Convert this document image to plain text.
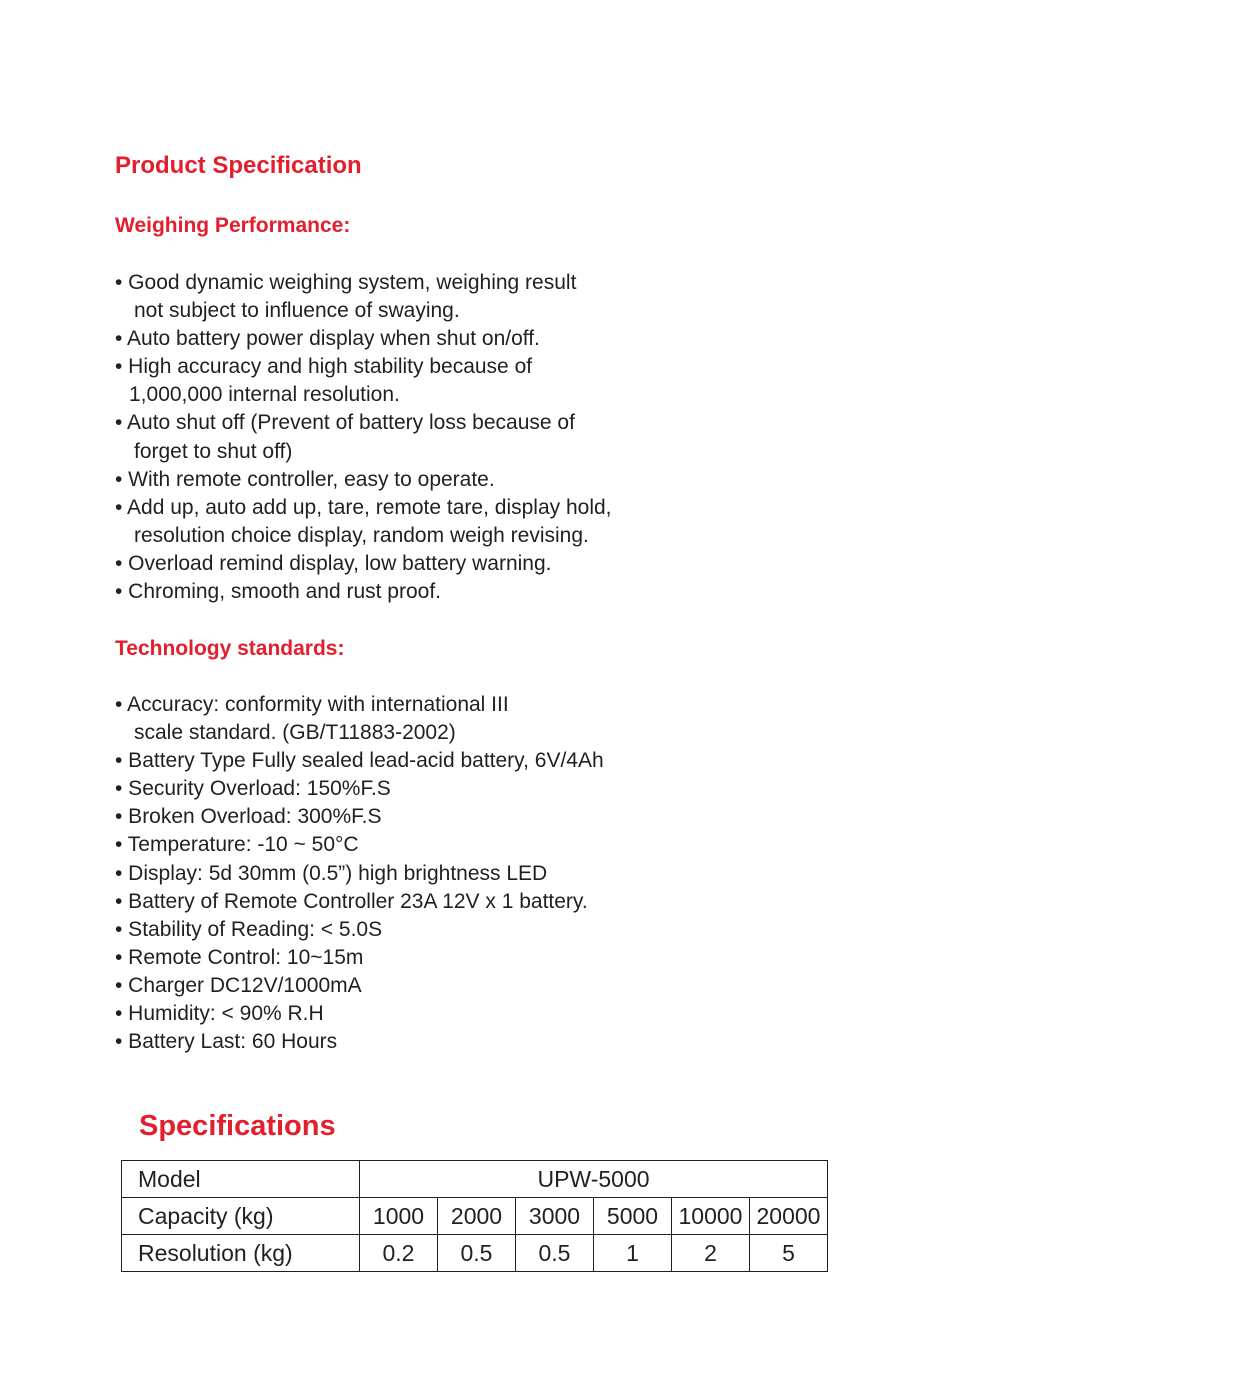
Product Specification
Weighing Performance:
• Good dynamic weighing system, weighing result
not subject to influence of swaying.
• Auto battery power display when shut on/off.
• High accuracy and high stability because of
1,000,000 internal resolution.
• Auto shut off (Prevent of battery loss because of
forget to shut off)
• With remote controller, easy to operate.
• Add up, auto add up, tare, remote tare, display hold,
resolution choice display, random weigh revising.
• Overload remind display, low battery warning.
• Chroming, smooth and rust proof.
Technology standards:
• Accuracy: conformity with international III
scale standard. (GB/T11883-2002)
• Battery Type Fully sealed lead-acid battery, 6V/4Ah
• Security Overload: 150%F.S
• Broken Overload: 300%F.S
• Temperature: -10 ~ 50°C
• Display: 5d 30mm (0.5”) high brightness LED
• Battery of Remote Controller 23A 12V x 1 battery.
• Stability of Reading: < 5.0S
• Remote Control: 10~15m
• Charger DC12V/1000mA
• Humidity: < 90% R.H
• Battery Last: 60 Hours
Specifications
Model	UPW-5000					
Capacity (kg)	1000	2000	3000	5000	10000	20000
Resolution (kg)	0.2	0.5	0.5	1	2	5
